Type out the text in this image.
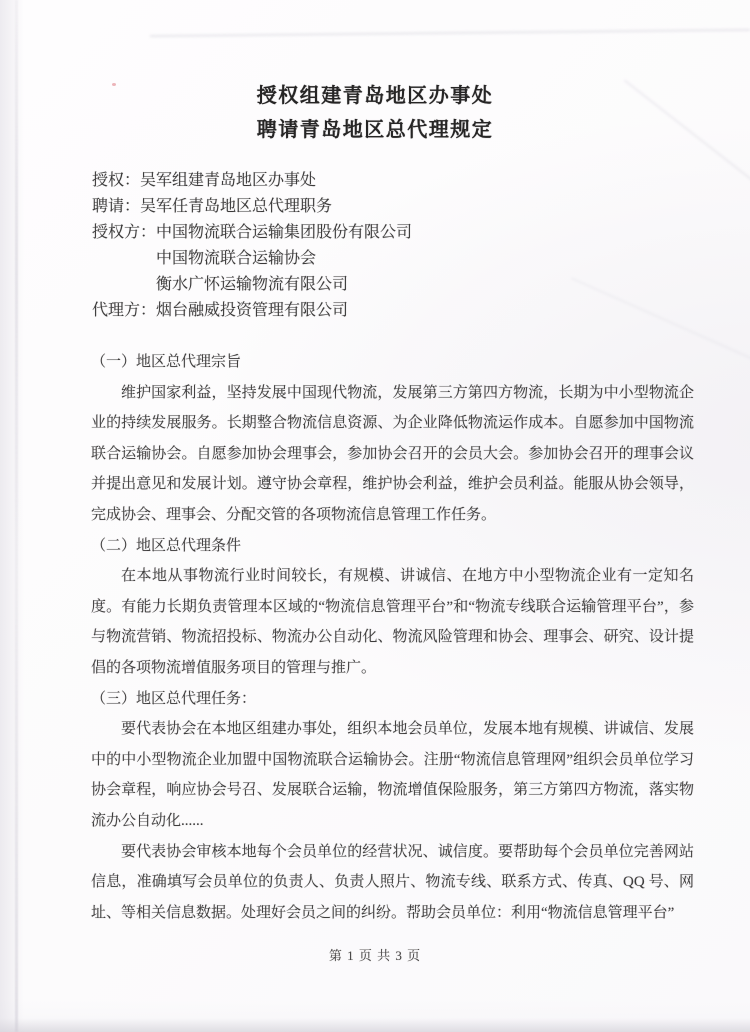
授权组建青岛地区办事处
聘请青岛地区总代理规定
授权：吴军组建青岛地区办事处
聘请：吴军任青岛地区总代理职务
授权方：中国物流联合运输集团股份有限公司
中国物流联合运输协会
衡水广怀运输物流有限公司
代理方：烟台融威投资管理有限公司
（一）地区总代理宗旨

维护国家利益，坚持发展中国现代物流，发展第三方第四方物流，长期为中小型物流企业的持续发展服务。长期整合物流信息资源、为企业降低物流运作成本。自愿参加中国物流联合运输协会。自愿参加协会理事会，参加协会召开的会员大会。参加协会召开的理事会议并提出意见和发展计划。遵守协会章程，维护协会利益，维护会员利益。能服从协会领导，完成协会、理事会、分配交管的各项物流信息管理工作任务。

（二）地区总代理条件

在本地从事物流行业时间较长，有规模、讲诚信、在地方中小型物流企业有一定知名度。有能力长期负责管理本区域的“物流信息管理平台”和“物流专线联合运输管理平台”，参与物流营销、物流招投标、物流办公自动化、物流风险管理和协会、理事会、研究、设计提倡的各项物流增值服务项目的管理与推广。

（三）地区总代理任务：

要代表协会在本地区组建办事处，组织本地会员单位，发展本地有规模、讲诚信、发展中的中小型物流企业加盟中国物流联合运输协会。注册“物流信息管理网”组织会员单位学习协会章程，响应协会号召、发展联合运输，物流增值保险服务，第三方第四方物流，落实物流办公自动化......

要代表协会审核本地每个会员单位的经营状况、诚信度。要帮助每个会员单位完善网站信息，准确填写会员单位的负责人、负责人照片、物流专线、联系方式、传真、QQ 号、网址、等相关信息数据。处理好会员之间的纠纷。帮助会员单位：利用“物流信息管理平台”

第 1 页 共 3 页
